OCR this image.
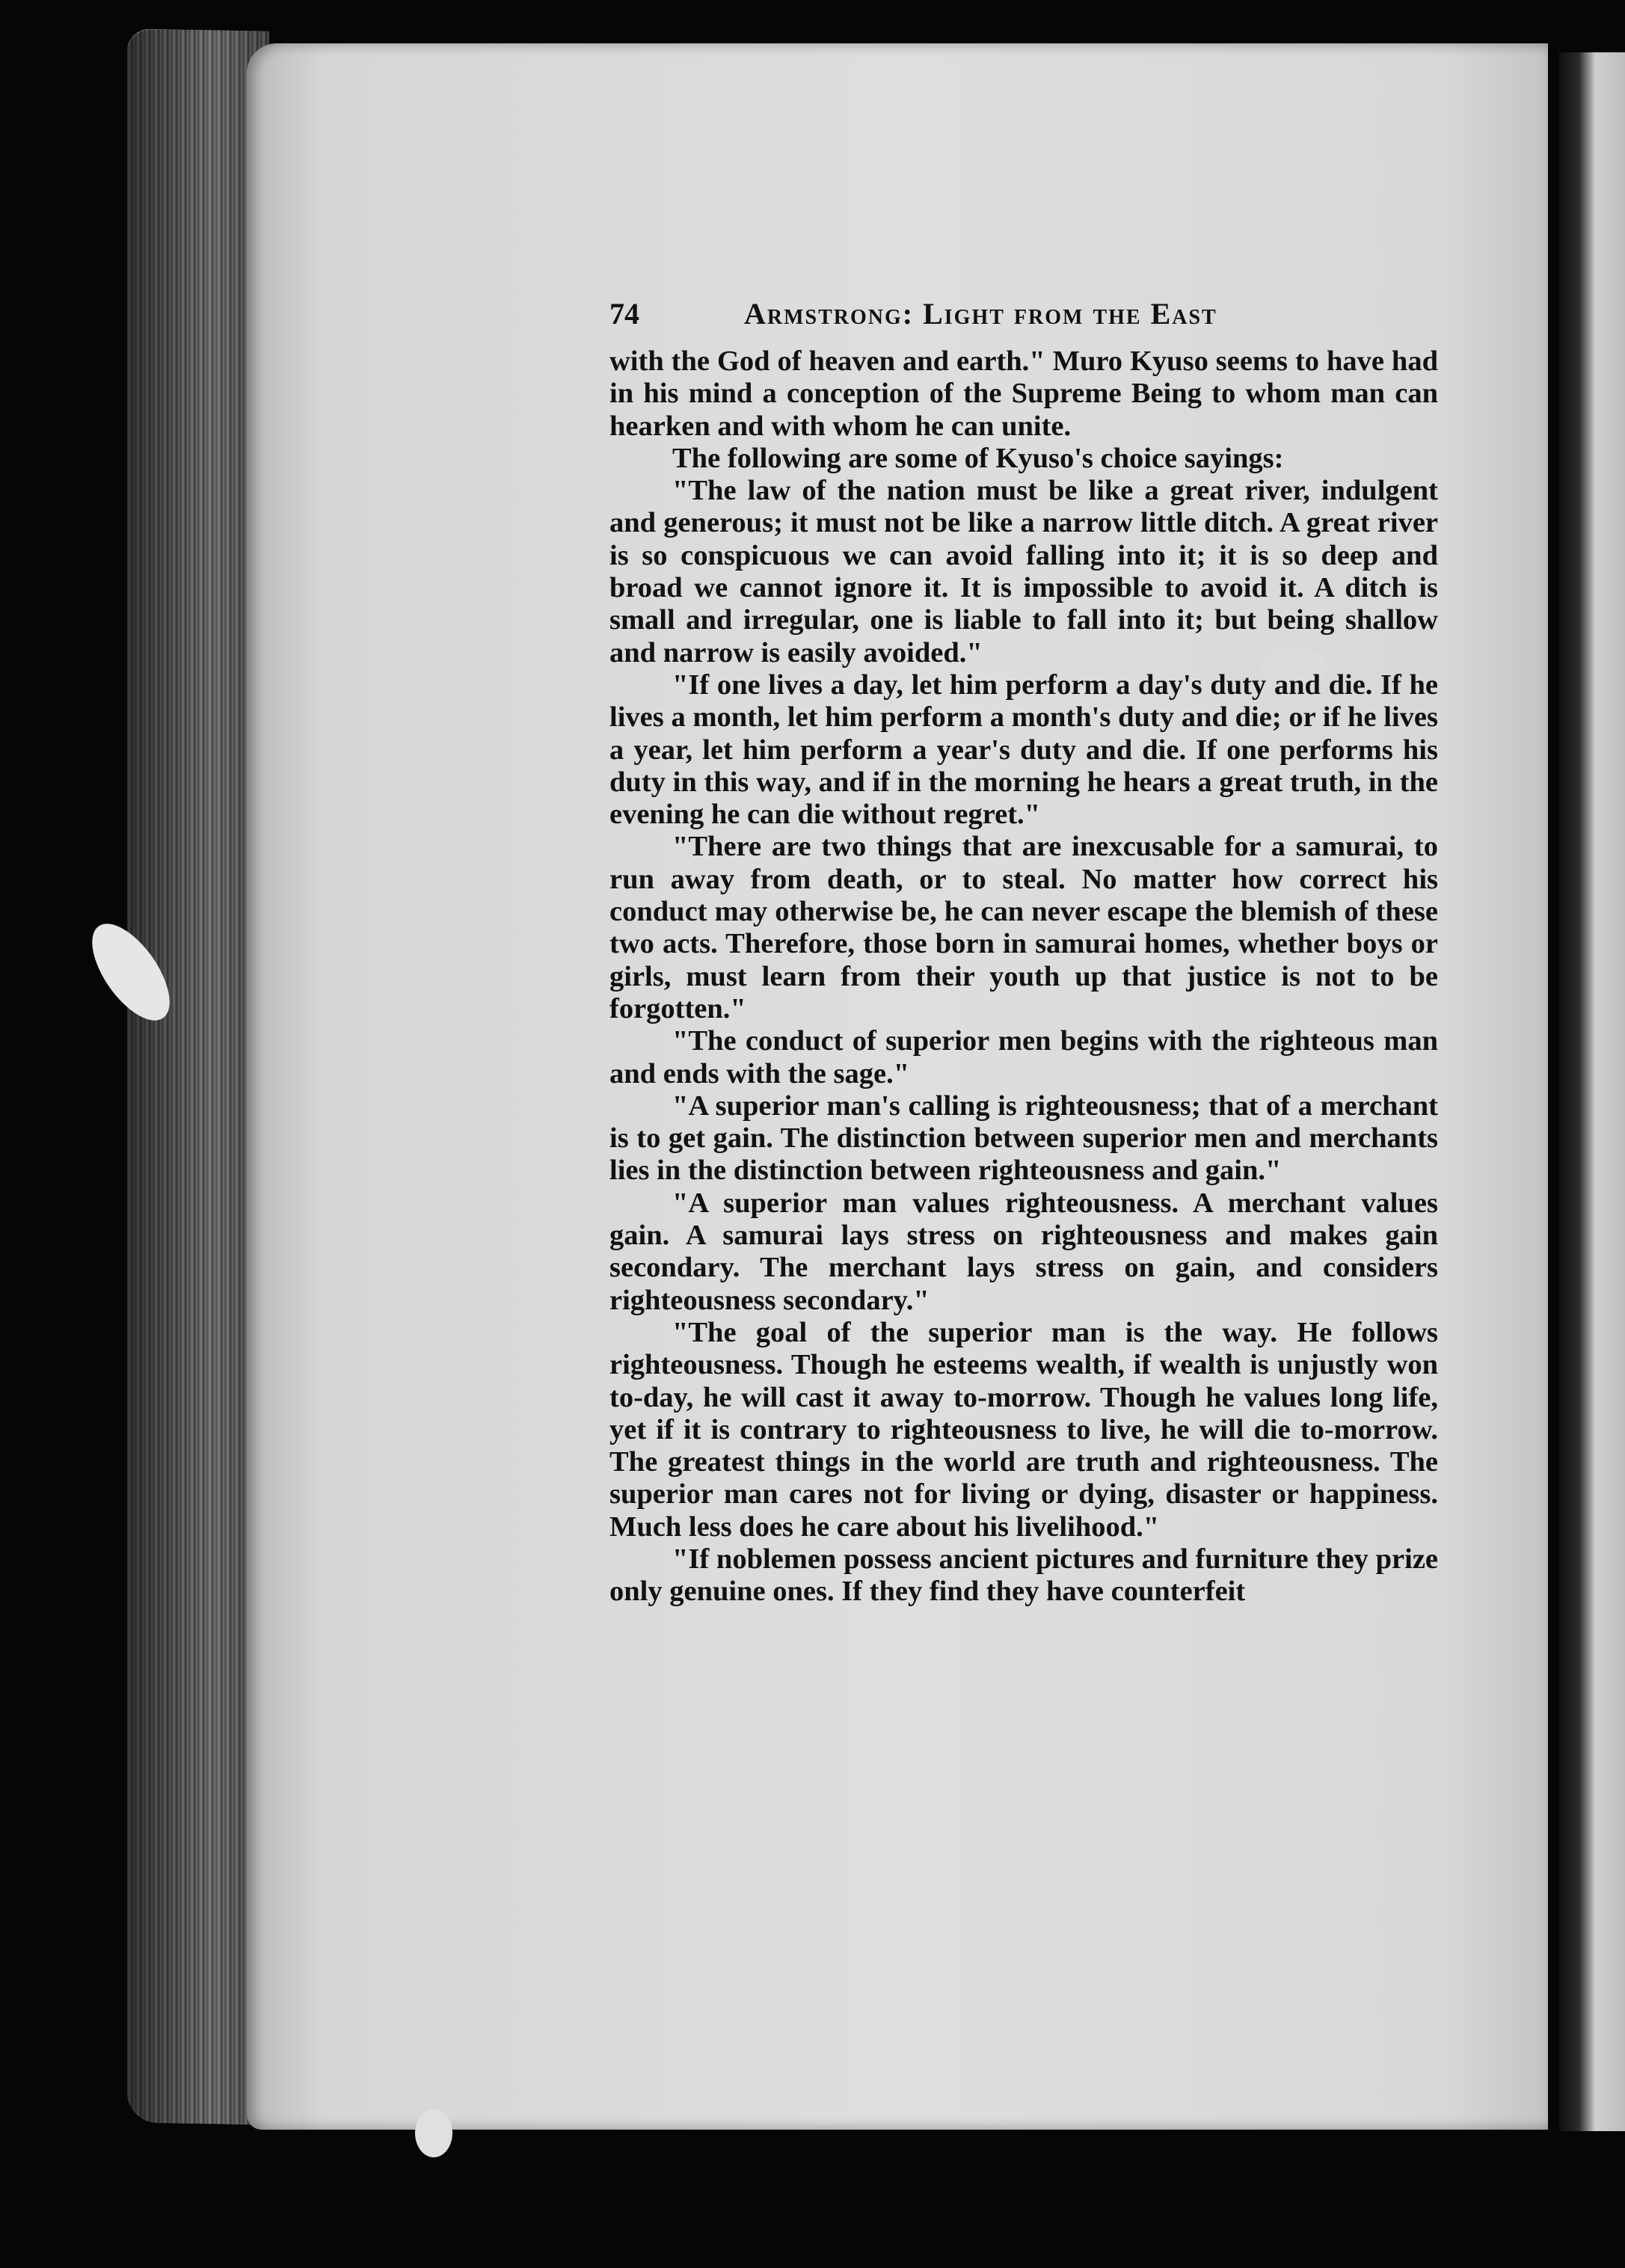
74	Armstrong: Light from the East

with the God of heaven and earth." Muro Kyuso seems to have had in his mind a conception of the Supreme Being to whom man can hearken and with whom he can unite.

The following are some of Kyuso's choice sayings:

"The law of the nation must be like a great river, indulgent and generous; it must not be like a narrow little ditch. A great river is so conspicuous we can avoid falling into it; it is so deep and broad we cannot ignore it. It is impossible to avoid it. A ditch is small and irregular, one is liable to fall into it; but being shallow and narrow is easily avoided."

"If one lives a day, let him perform a day's duty and die. If he lives a month, let him perform a month's duty and die; or if he lives a year, let him perform a year's duty and die. If one performs his duty in this way, and if in the morning he hears a great truth, in the evening he can die without regret."

"There are two things that are inexcusable for a samurai, to run away from death, or to steal. No matter how correct his conduct may otherwise be, he can never escape the blemish of these two acts. Therefore, those born in samurai homes, whether boys or girls, must learn from their youth up that justice is not to be forgotten."

"The conduct of superior men begins with the righteous man and ends with the sage."

"A superior man's calling is righteousness; that of a merchant is to get gain. The distinction between superior men and merchants lies in the distinction between righteousness and gain."

"A superior man values righteousness. A merchant values gain. A samurai lays stress on righteousness and makes gain secondary. The merchant lays stress on gain, and considers righteousness secondary."

"The goal of the superior man is the way. He follows righteousness. Though he esteems wealth, if wealth is unjustly won to-day, he will cast it away to-morrow. Though he values long life, yet if it is contrary to righteousness to live, he will die to-morrow. The greatest things in the world are truth and righteousness. The superior man cares not for living or dying, disaster or happiness. Much less does he care about his livelihood."

"If noblemen possess ancient pictures and furniture they prize only genuine ones. If they find they have counterfeit
